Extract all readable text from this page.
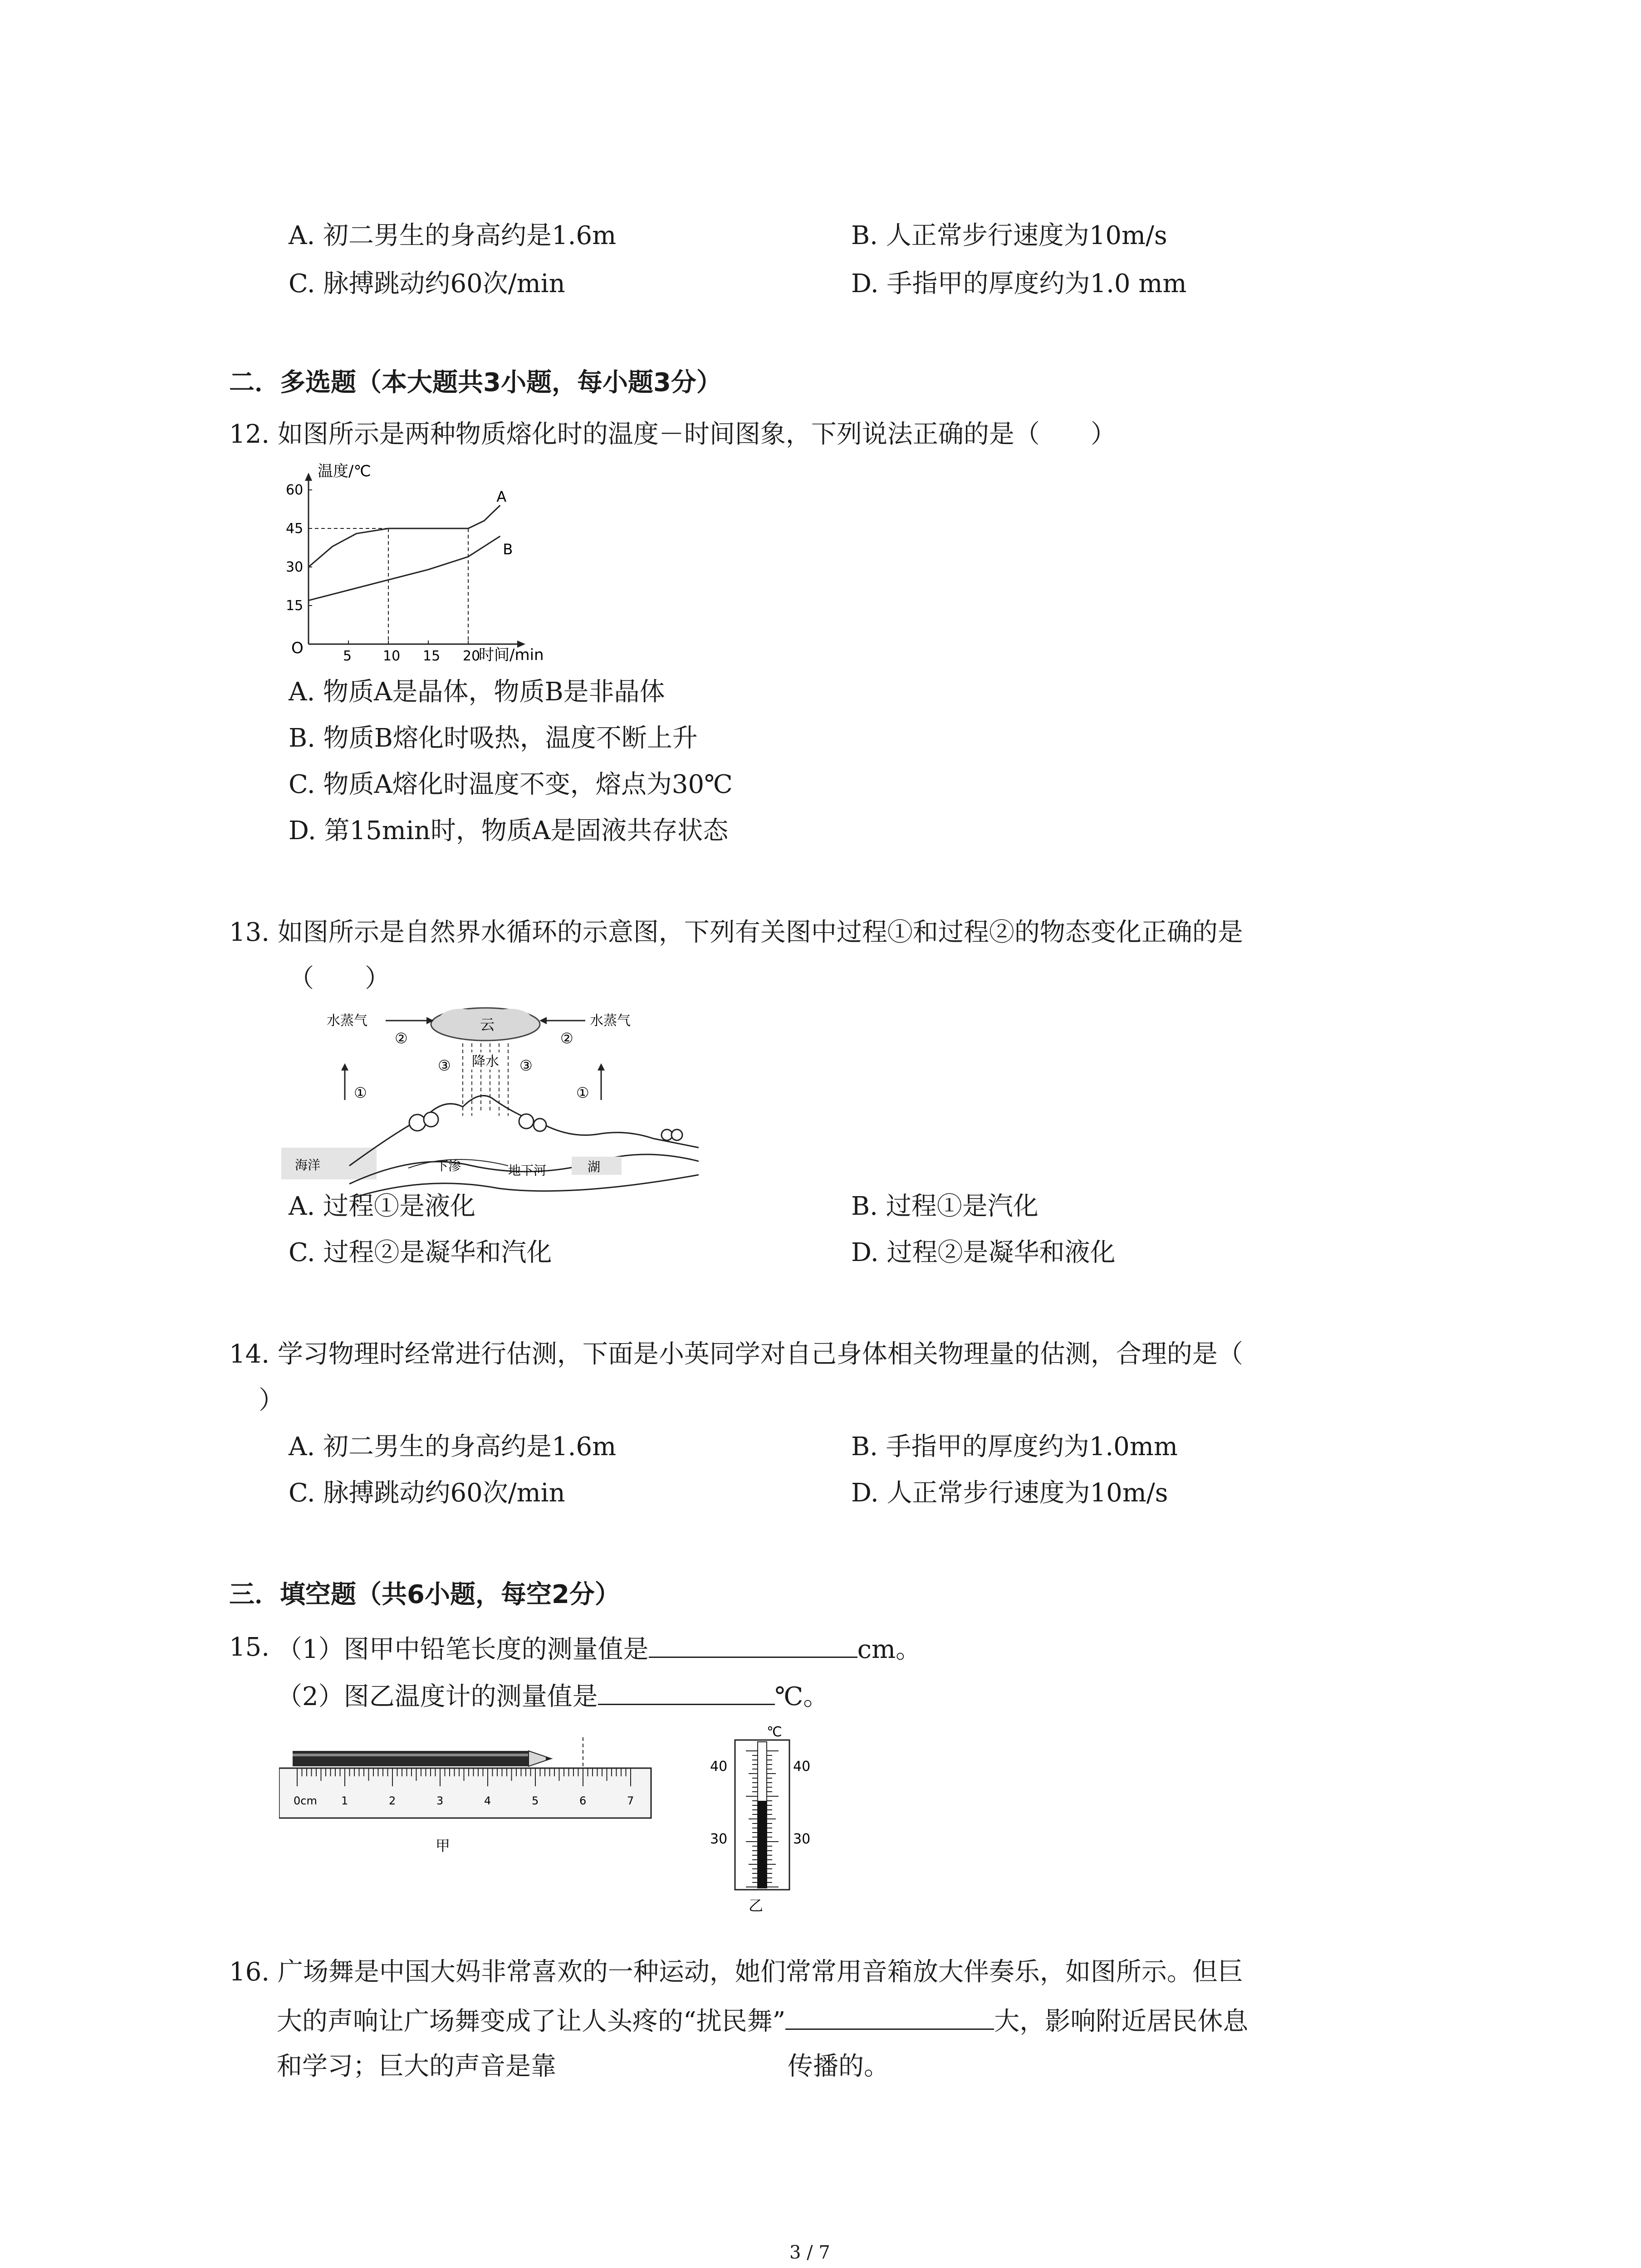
A. 初二男生的身高约是1.6m	B. 人正常步行速度为10m/s
C. 脉搏跳动约60次/min	D. 手指甲的厚度约为1.0 mm
二．多选题（本大题共3小题，每小题3分）
12. 如图所示是两种物质熔化时的温度－时间图象，下列说法正确的是（　　）
温度/℃
时间/min
O	5 10 15 20
15
30
45
60	A
B
A. 物质A是晶体，物质B是非晶体
B. 物质B熔化时吸热，温度不断上升
C. 物质A熔化时温度不变，熔点为30℃
D. 第15min时，物质A是固液共存状态
13. 如图所示是自然界水循环的示意图，下列有关图中过程①和过程②的物态变化正确的是
（　　）
云
水蒸气	水蒸气
②	②
降水
③	③
①	①
海洋	下渗	地下河	湖
A. 过程①是液化	B. 过程①是汽化
C. 过程②是凝华和汽化	D. 过程②是凝华和液化
14. 学习物理时经常进行估测，下面是小英同学对自己身体相关物理量的估测，合理的是（
）
A. 初二男生的身高约是1.6m	B. 手指甲的厚度约为1.0mm
C. 脉搏跳动约60次/min	D. 人正常步行速度为10m/s
三．填空题（共6小题，每空2分）
15. （1）图甲中铅笔长度的测量值是	cm。
（2）图乙温度计的测量值是	℃。
0cm 1	2	3	4	5	6	7
甲
℃
40	40
30	30
乙
16. 广场舞是中国大妈非常喜欢的一种运动，她们常常用音箱放大伴奏乐，如图所示。但巨
大的声响让广场舞变成了让人头疼的“扰民舞”	大，影响附近居民休息
和学习；巨大的声音是靠	传播的。
3 / 7
